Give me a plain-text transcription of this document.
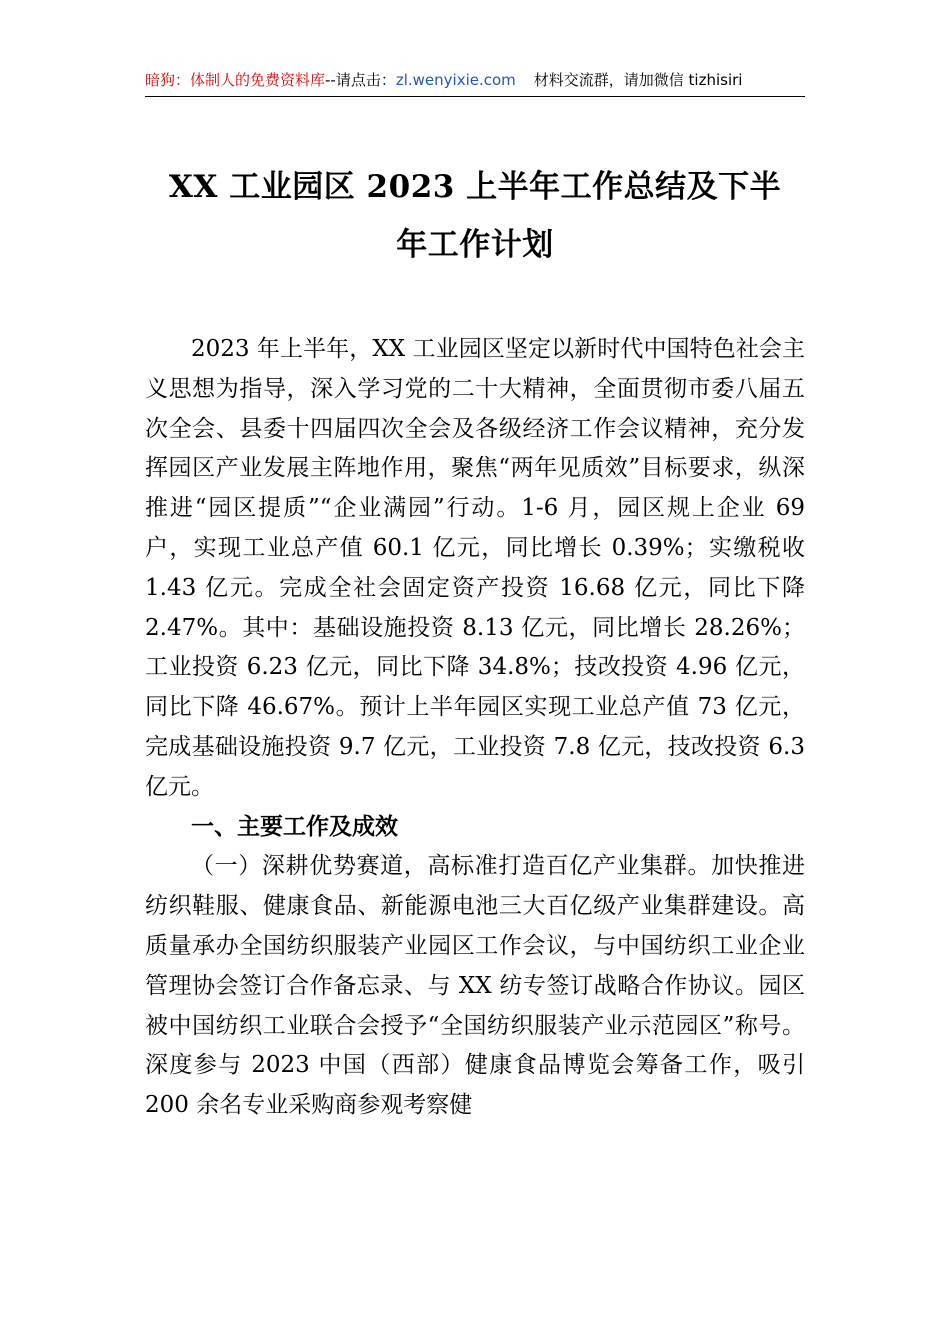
暗狗：体制人的免费资料库--请点击：zl.wenyixie.com 材料交流群，请加微信 tizhisiri
XX 工业园区 2023 上半年工作总结及下半
年工作计划

2023 年上半年，XX 工业园区坚定以新时代中国特色社会主义思想为指导，深入学习党的二十大精神，全面贯彻市委八届五次全会、县委十四届四次全会及各级经济工作会议精神，充分发挥园区产业发展主阵地作用，聚焦“两年见质效”目标要求，纵深推进“园区提质”“企业满园”行动。1-6 月，园区规上企业 69 户，实现工业总产值 60.1 亿元，同比增长 0.39%；实缴税收 1.43 亿元。完成全社会固定资产投资 16.68 亿元，同比下降 2.47%。其中：基础设施投资 8.13 亿元，同比增长 28.26%；工业投资 6.23 亿元，同比下降 34.8%；技改投资 4.96 亿元，同比下降 46.67%。预计上半年园区实现工业总产值 73 亿元，完成基础设施投资 9.7 亿元，工业投资 7.8 亿元，技改投资 6.3 亿元。

一、主要工作及成效

（一）深耕优势赛道，高标准打造百亿产业集群。加快推进纺织鞋服、健康食品、新能源电池三大百亿级产业集群建设。高质量承办全国纺织服装产业园区工作会议，与中国纺织工业企业管理协会签订合作备忘录、与 XX 纺专签订战略合作协议。园区被中国纺织工业联合会授予“全国纺织服装产业示范园区”称号。深度参与 2023 中国（西部）健康食品博览会筹备工作，吸引 200 余名专业采购商参观考察健
